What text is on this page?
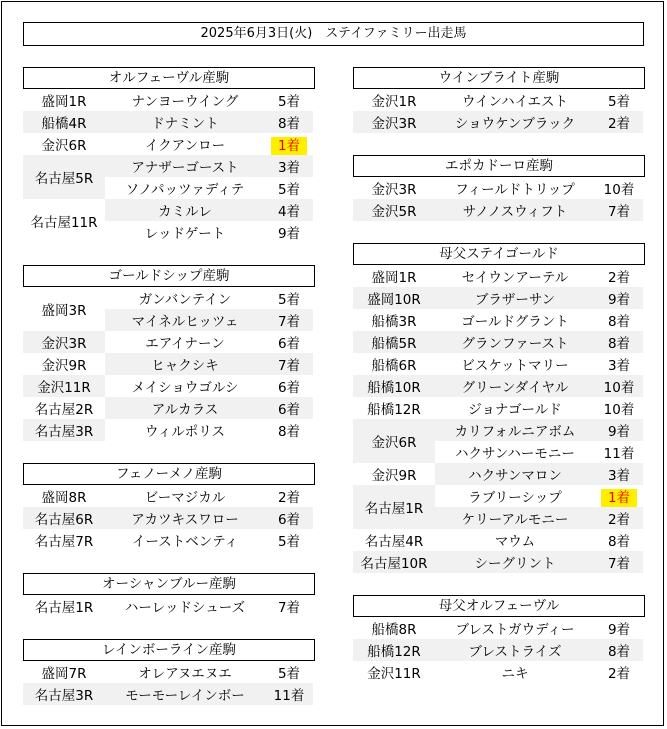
2025年6月3日(火)　ステイファミリー出走馬
オルフェーヴル産駒
盛岡1R	ナンヨーウイング	5着
船橋4R	ドナミント	8着
金沢6R	イクアンロー	1着
名古屋5R	アナザーゴースト	3着
	ソノパッツァディテ	5着
名古屋11R	カミルレ	4着
	レッドゲート	9着
ゴールドシップ産駒
盛岡3R	ガンバンテイン	5着
	マイネルヒッツェ	7着
金沢3R	エアイナーン	6着
金沢9R	ヒャクシキ	7着
金沢11R	メイショウゴルシ	6着
名古屋2R	アルカラス	6着
名古屋3R	ウィルポリス	8着
フェノーメノ産駒
盛岡8R	ビーマジカル	2着
名古屋6R	アカツキスワロー	6着
名古屋7R	イーストベンティ	5着
オーシャンブルー産駒
名古屋1R	ハーレッドシューズ	7着
レインボーライン産駒
盛岡7R	オレアヌエヌエ	5着
名古屋3R	モーモーレインボー	11着
ウインブライト産駒
金沢1R	ウインハイエスト	5着
金沢3R	ショウケンブラック	2着
エポカドーロ産駒
金沢3R	フィールドトリップ	10着
金沢5R	サノノスウィフト	7着
母父ステイゴールド
盛岡1R	セイウンアーテル	2着
盛岡10R	ブラザーサン	9着
船橋3R	ゴールドグラント	8着
船橋5R	グランファースト	8着
船橋6R	ビスケットマリー	3着
船橋10R	グリーンダイヤル	10着
船橋12R	ジョナゴールド	10着
金沢6R	カリフォルニアボム	9着
	ハクサンハーモニー	11着
金沢9R	ハクサンマロン	3着
名古屋1R	ラブリーシップ	1着
	ケリーアルモニー	2着
名古屋4R	マウム	8着
名古屋10R	シーグリント	7着
母父オルフェーヴル
船橋8R	ブレストガウディー	9着
船橋12R	ブレストライズ	8着
金沢11R	ニキ	2着
